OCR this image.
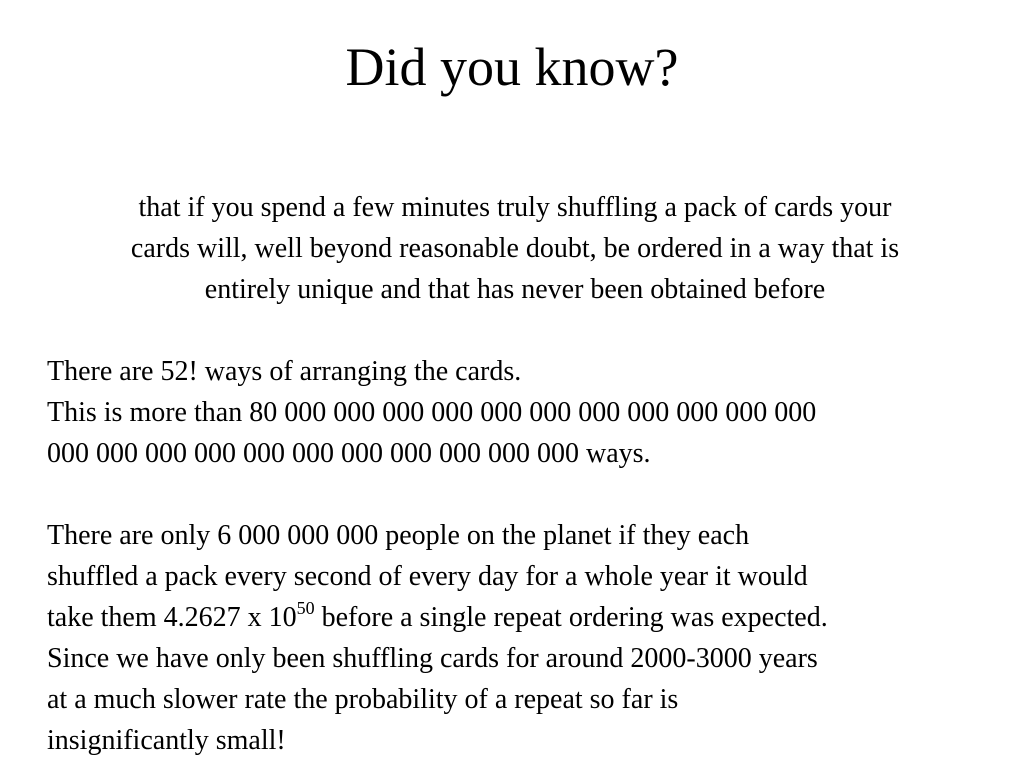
Did you know?

that if you spend a few minutes truly shuffling a pack of cards your
cards will, well beyond reasonable doubt, be ordered in a way that is
entirely unique and that has never been obtained before

There are 52! ways of arranging the cards.
This is more than 80 000 000 000 000 000 000 000 000 000 000 000
000 000 000 000 000 000 000 000 000 000 000 ways.

There are only 6 000 000 000 people on the planet if they each
shuffled a pack every second of every day for a whole year it would
take them 4.2627 x $10^{50}$ before a single repeat ordering was expected.
Since we have only been shuffling cards for around 2000-3000 years
at a much slower rate the probability of a repeat so far is
insignificantly small!
